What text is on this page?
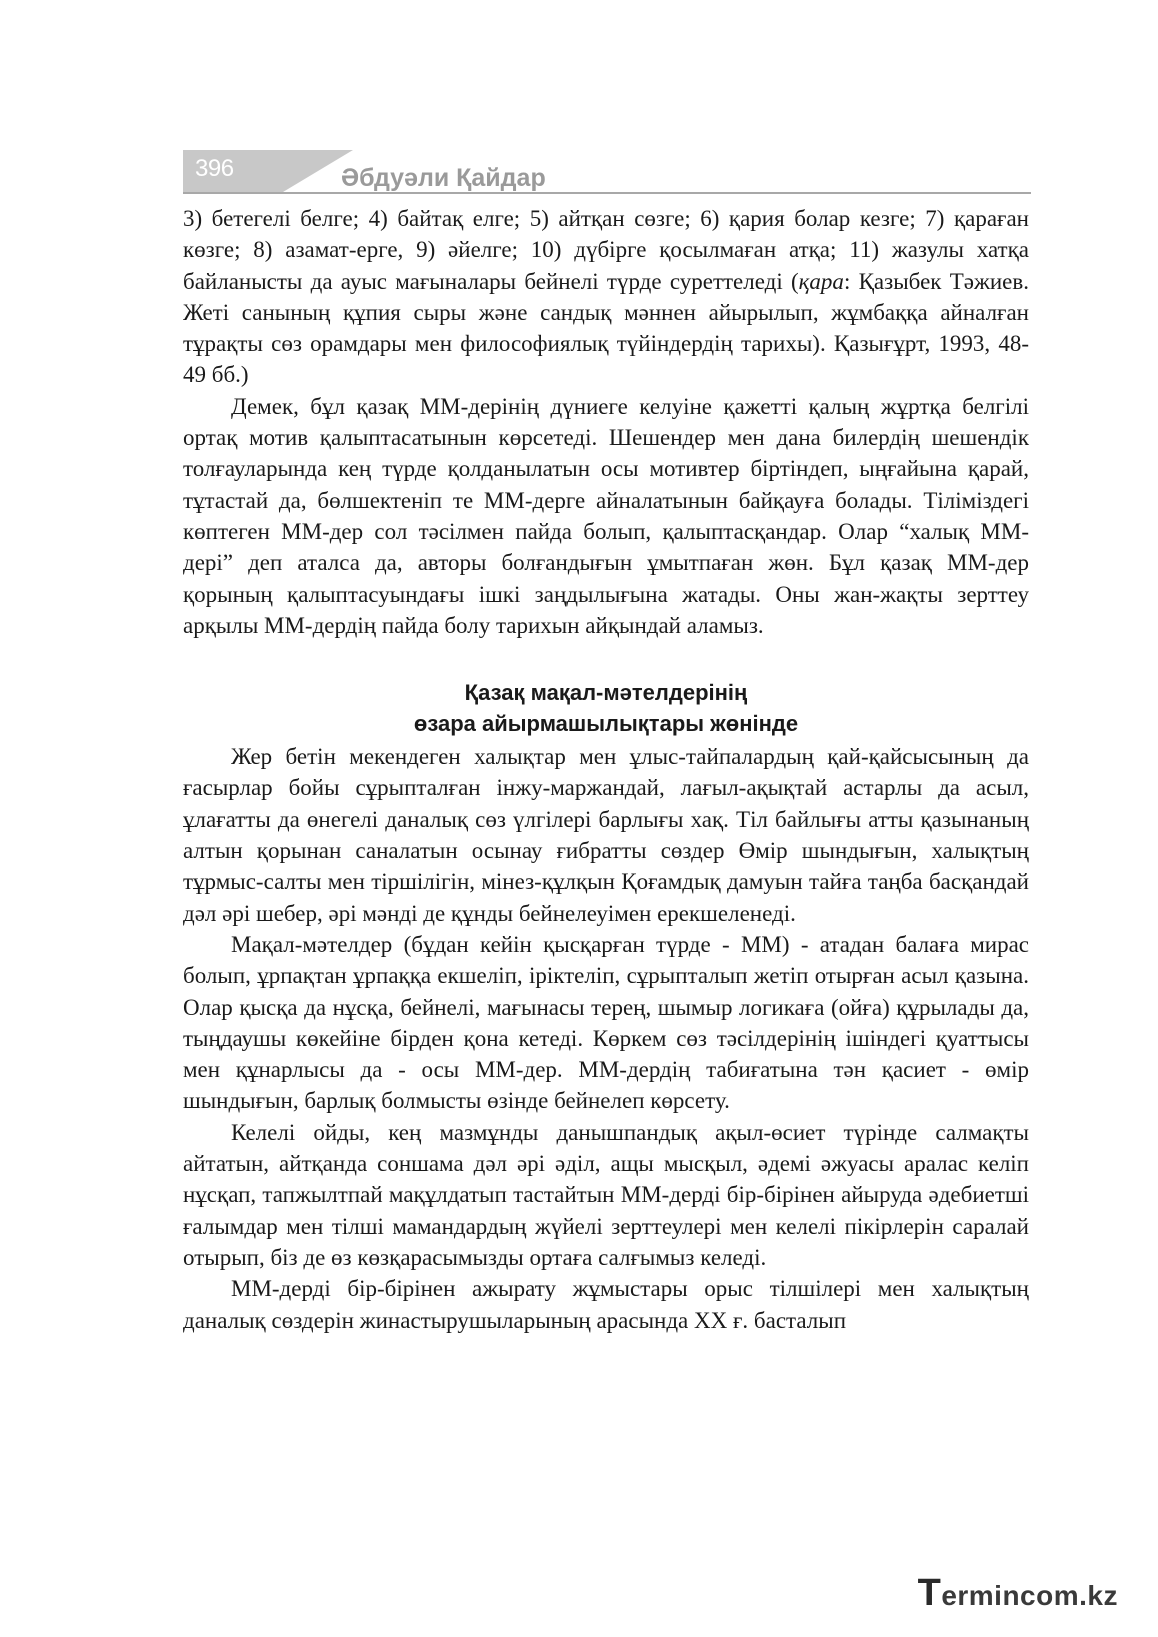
396	Әбдуәли Қайдар

3) бетегелі белге; 4) байтақ елге; 5) айтқан сөзге; 6) қария болар кезге; 7) қараған көзге; 8) азамат-ерге, 9) әйелге; 10) дүбірге қосылмаған атқа; 11) жазулы хатқа байланысты да ауыс мағыналары бейнелі түрде суреттеледі (қара: Қазыбек Тәжиев. Жеті санының құпия сыры және сандық мәннен айырылып, жұмбаққа айналған тұрақты сөз орамдары мен философиялық түйіндердің тарихы). Қазығұрт, 1993, 48-49 бб.)

Демек, бұл қазақ ММ-дерінің дүниеге келуіне қажетті қалың жұртқа белгілі ортақ мотив қалыптасатынын көрсетеді. Шешендер мен дана билердің шешендік толғауларында кең түрде қолданылатын осы мотивтер біртіндеп, ыңғайына қарай, тұтастай да, бөлшектеніп те ММ-дерге айналатынын байқауға болады. Тіліміздегі көптеген ММ-дер сол тәсілмен пайда болып, қалыптасқандар. Олар “халық ММ-дері” деп аталса да, авторы болғандығын ұмытпаған жөн. Бұл қазақ ММ-дер қорының қалыптасуындағы ішкі заңдылығына жатады. Оны жан-жақты зерттеу арқылы ММ-дердің пайда болу тарихын айқындай аламыз.

Қазақ мақал-мәтелдерінің
өзара айырмашылықтары жөнінде

Жер бетін мекендеген халықтар мен ұлыс-тайпалардың қай-қайсысының да ғасырлар бойы сұрыпталған інжу-маржандай, лағыл-ақықтай астарлы да асыл, ұлағатты да өнегелі даналық сөз үлгілері барлығы хақ. Тіл байлығы атты қазынаның алтын қорынан саналатын осынау ғибратты сөздер Өмір шындығын, халықтың тұрмыс-салты мен тіршілігін, мінез-құлқын Қоғамдық дамуын тайға таңба басқандай дәл әрі шебер, әрі мәнді де құнды бейнелеуімен ерекшеленеді.

Мақал-мәтелдер (бұдан кейін қысқарған түрде - ММ) - атадан балаға мирас болып, ұрпақтан ұрпаққа екшеліп, іріктеліп, сұрыпталып жетіп отырған асыл қазына. Олар қысқа да нұсқа, бейнелі, мағынасы терең, шымыр логикаға (ойға) құрылады да, тыңдаушы көкейіне бірден қона кетеді. Көркем сөз тәсілдерінің ішіндегі қуаттысы мен құнарлысы да - осы ММ-дер. ММ-дердің табиғатына тән қасиет - өмір шындығын, барлық болмысты өзінде бейнелеп көрсету.

Келелі ойды, кең мазмұнды данышпандық ақыл-өсиет түрінде салмақты айтатын, айтқанда соншама дәл әрі әділ, ащы мысқыл, әдемі әжуасы аралас келіп нұсқап, тапжылтпай мақұлдатып тастайтын ММ-дерді бір-бірінен айыруда әдебиетші ғалымдар мен тілші мамандардың жүйелі зерттеулері мен келелі пікірлерін саралай отырып, біз де өз көзқарасымызды ортаға салғымыз келеді.

ММ-дерді бір-бірінен ажырату жұмыстары орыс тілшілері мен халықтың даналық сөздерін жинастырушыларының арасында ХХ ғ. басталып

Termincom.kz
